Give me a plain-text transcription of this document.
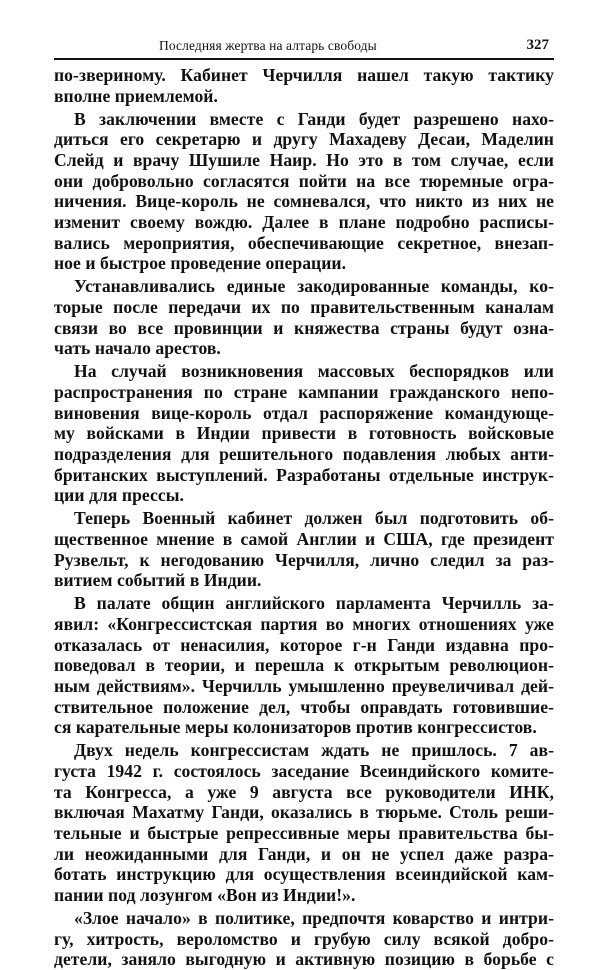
Последняя жертва на алтарь свободы	327
по-звериному. Кабинет Черчилля нашел такую тактику
вполне приемлемой.
В заключении вместе с Ганди будет разрешено нахо-
диться его секретарю и другу Махадеву Десаи, Маделин
Слейд и врачу Шушиле Наир. Но это в том случае, если
они добровольно согласятся пойти на все тюремные огра-
ничения. Вице-король не сомневался, что никто из них не
изменит своему вождю. Далее в плане подробно расписы-
вались мероприятия, обеспечивающие секретное, внезап-
ное и быстрое проведение операции.
Устанавливались единые закодированные команды, ко-
торые после передачи их по правительственным каналам
связи во все провинции и княжества страны будут озна-
чать начало арестов.
На случай возникновения массовых беспорядков или
распространения по стране кампании гражданского непо-
виновения вице-король отдал распоряжение командующе-
му войсками в Индии привести в готовность войсковые
подразделения для решительного подавления любых анти-
британских выступлений. Разработаны отдельные инструк-
ции для прессы.
Теперь Военный кабинет должен был подготовить об-
щественное мнение в самой Англии и США, где президент
Рузвельт, к негодованию Черчилля, лично следил за раз-
витием событий в Индии.
В палате общин английского парламента Черчилль за-
явил: «Конгрессистская партия во многих отношениях уже
отказалась от ненасилия, которое г-н Ганди издавна про-
поведовал в теории, и перешла к открытым революцион-
ным действиям». Черчилль умышленно преувеличивал дей-
ствительное положение дел, чтобы оправдать готовившие-
ся карательные меры колонизаторов против конгрессистов.
Двух недель конгрессистам ждать не пришлось. 7 ав-
густа 1942 г. состоялось заседание Всеиндийского комите-
та Конгресса, а уже 9 августа все руководители ИНК,
включая Махатму Ганди, оказались в тюрьме. Столь реши-
тельные и быстрые репрессивные меры правительства бы-
ли неожиданными для Ганди, и он не успел даже разра-
ботать инструкцию для осуществления всеиндийской кам-
пании под лозунгом «Вон из Индии!».
«Злое начало» в политике, предпочтя коварство и интри-
гу, хитрость, вероломство и грубую силу всякой добро-
детели, заняло выгодную и активную позицию в борьбе с
